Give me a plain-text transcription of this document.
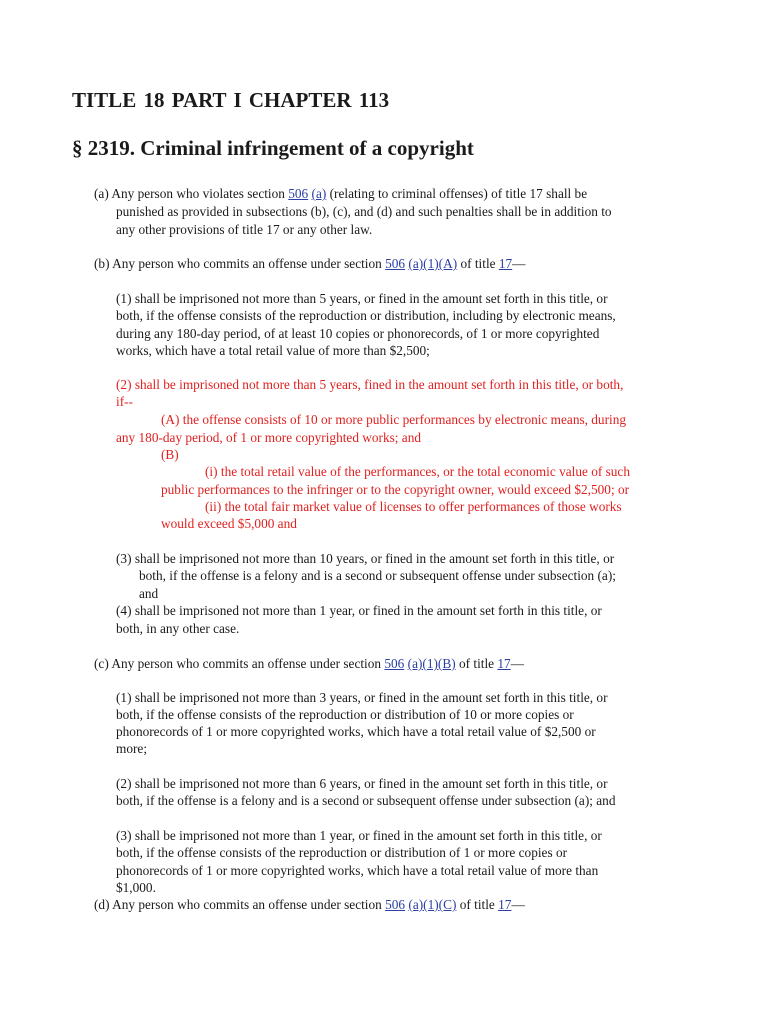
TITLE 18 PART I CHAPTER 113
§ 2319. Criminal infringement of a copyright
(a) Any person who violates section 506 (a) (relating to criminal offenses) of title 17 shall be
punished as provided in subsections (b), (c), and (d) and such penalties shall be in addition to
any other provisions of title 17 or any other law.
(b) Any person who commits an offense under section 506 (a)(1)(A) of title 17—
(1) shall be imprisoned not more than 5 years, or fined in the amount set forth in this title, or
both, if the offense consists of the reproduction or distribution, including by electronic means,
during any 180-day period, of at least 10 copies or phonorecords, of 1 or more copyrighted
works, which have a total retail value of more than $2,500;
(2) shall be imprisoned not more than 5 years, fined in the amount set forth in this title, or both,
if--
(A) the offense consists of 10 or more public performances by electronic means, during
any 180-day period, of 1 or more copyrighted works; and
(B)
(i) the total retail value of the performances, or the total economic value of such
public performances to the infringer or to the copyright owner, would exceed $2,500; or
(ii) the total fair market value of licenses to offer performances of those works
would exceed $5,000 and
(3) shall be imprisoned not more than 10 years, or fined in the amount set forth in this title, or
both, if the offense is a felony and is a second or subsequent offense under subsection (a);
and
(4) shall be imprisoned not more than 1 year, or fined in the amount set forth in this title, or
both, in any other case.
(c) Any person who commits an offense under section 506 (a)(1)(B) of title 17—
(1) shall be imprisoned not more than 3 years, or fined in the amount set forth in this title, or
both, if the offense consists of the reproduction or distribution of 10 or more copies or
phonorecords of 1 or more copyrighted works, which have a total retail value of $2,500 or
more;
(2) shall be imprisoned not more than 6 years, or fined in the amount set forth in this title, or
both, if the offense is a felony and is a second or subsequent offense under subsection (a); and
(3) shall be imprisoned not more than 1 year, or fined in the amount set forth in this title, or
both, if the offense consists of the reproduction or distribution of 1 or more copies or
phonorecords of 1 or more copyrighted works, which have a total retail value of more than
$1,000.
(d) Any person who commits an offense under section 506 (a)(1)(C) of title 17—
